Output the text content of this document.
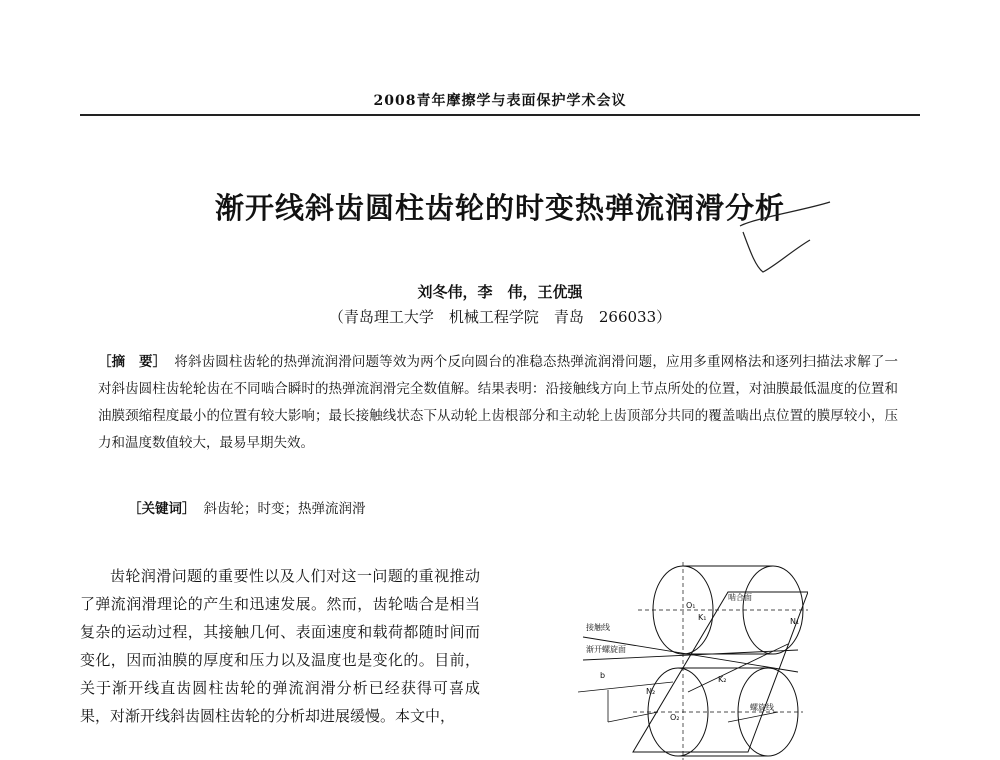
2008青年摩擦学与表面保护学术会议
渐开线斜齿圆柱齿轮的时变热弹流润滑分析
刘冬伟，李　伟，王优强
（青岛理工大学　机械工程学院　青岛　266033）
［摘　要］ 将斜齿圆柱齿轮的热弹流润滑问题等效为两个反向圆台的准稳态热弹流润滑问题，应用多重网格法和逐列扫描法求解了一对斜齿圆柱齿轮轮齿在不同啮合瞬时的热弹流润滑完全数值解。结果表明：沿接触线方向上节点所处的位置，对油膜最低温度的位置和油膜颈缩程度最小的位置有较大影响；最长接触线状态下从动轮上齿根部分和主动轮上齿顶部分共同的覆盖啮出点位置的膜厚较小，压力和温度数值较大，最易早期失效。
［关键词］ 斜齿轮；时变；热弹流润滑
齿轮润滑问题的重要性以及人们对这一问题的重视推动了弹流润滑理论的产生和迅速发展。然而，齿轮啮合是相当复杂的运动过程，其接触几何、表面速度和载荷都随时间而变化，因而油膜的厚度和压力以及温度也是变化的。目前，关于渐开线直齿圆柱齿轮的弹流润滑分析已经获得可喜成果，对渐开线斜齿圆柱齿轮的分析却进展缓慢。本文中，
啮合面
接触线
渐开螺旋面
螺旋线
O₁
O₂
N₁
N₂
K₁
K₂
b
